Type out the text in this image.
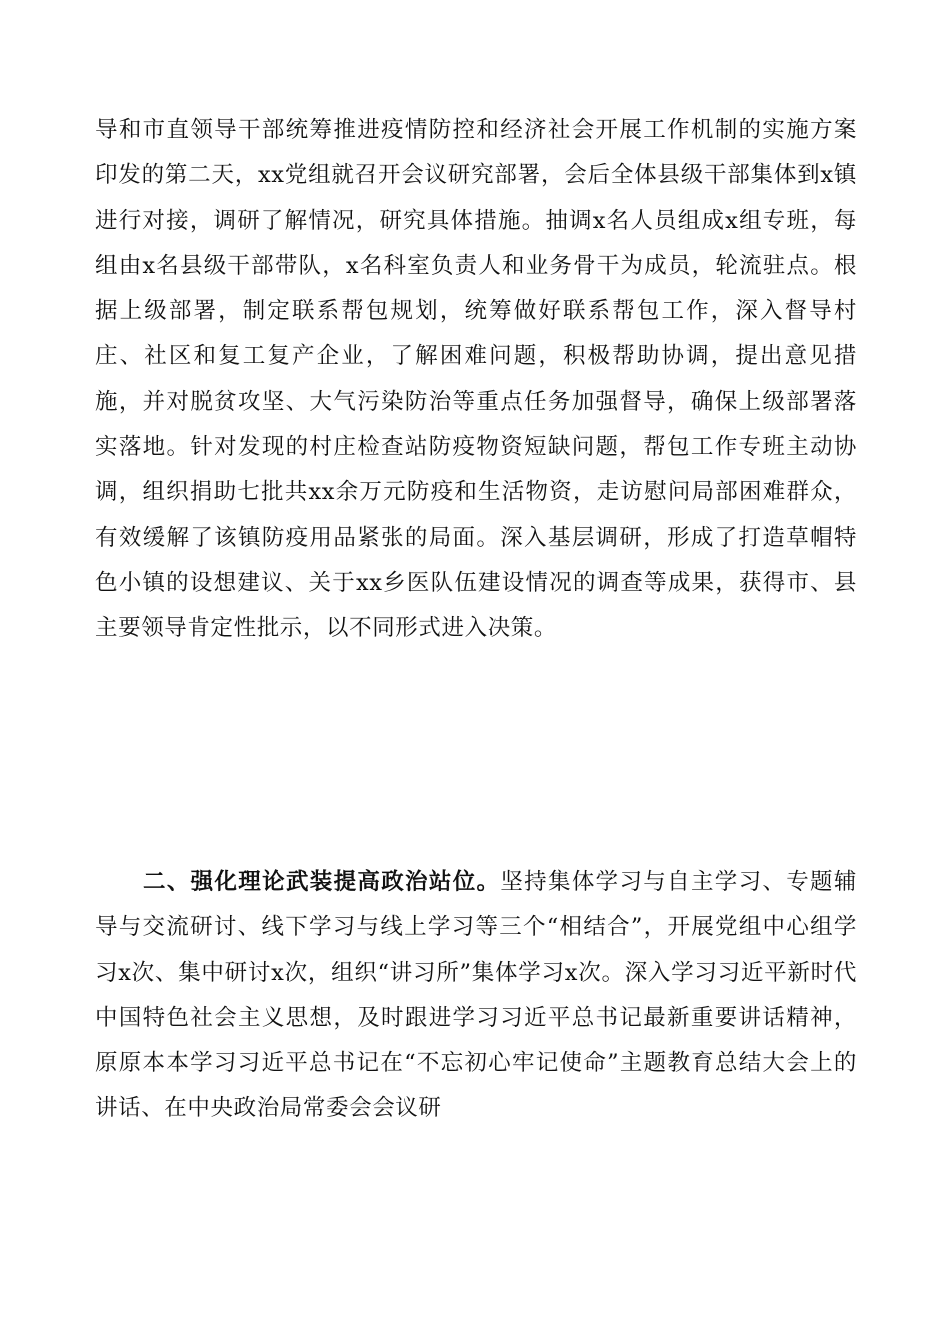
导和市直领导干部统筹推进疫情防控和经济社会开展工作机制的实施方案印发的第二天，xx党组就召开会议研究部署，会后全体县级干部集体到x镇进行对接，调研了解情况，研究具体措施。抽调x名人员组成x组专班，每组由x名县级干部带队，x名科室负责人和业务骨干为成员，轮流驻点。根据上级部署，制定联系帮包规划，统筹做好联系帮包工作，深入督导村庄、社区和复工复产企业，了解困难问题，积极帮助协调，提出意见措施，并对脱贫攻坚、大气污染防治等重点任务加强督导，确保上级部署落实落地。针对发现的村庄检查站防疫物资短缺问题，帮包工作专班主动协调，组织捐助七批共xx余万元防疫和生活物资，走访慰问局部困难群众，有效缓解了该镇防疫用品紧张的局面。深入基层调研，形成了打造草帽特色小镇的设想建议、关于xx乡医队伍建设情况的调查等成果，获得市、县主要领导肯定性批示，以不同形式进入决策。

二、强化理论武装提高政治站位。坚持集体学习与自主学习、专题辅导与交流研讨、线下学习与线上学习等三个“相结合”，开展党组中心组学习x次、集中研讨x次，组织“讲习所”集体学习x次。深入学习习近平新时代中国特色社会主义思想，及时跟进学习习近平总书记最新重要讲话精神，原原本本学习习近平总书记在“不忘初心牢记使命”主题教育总结大会上的讲话、在中央政治局常委会会议研
